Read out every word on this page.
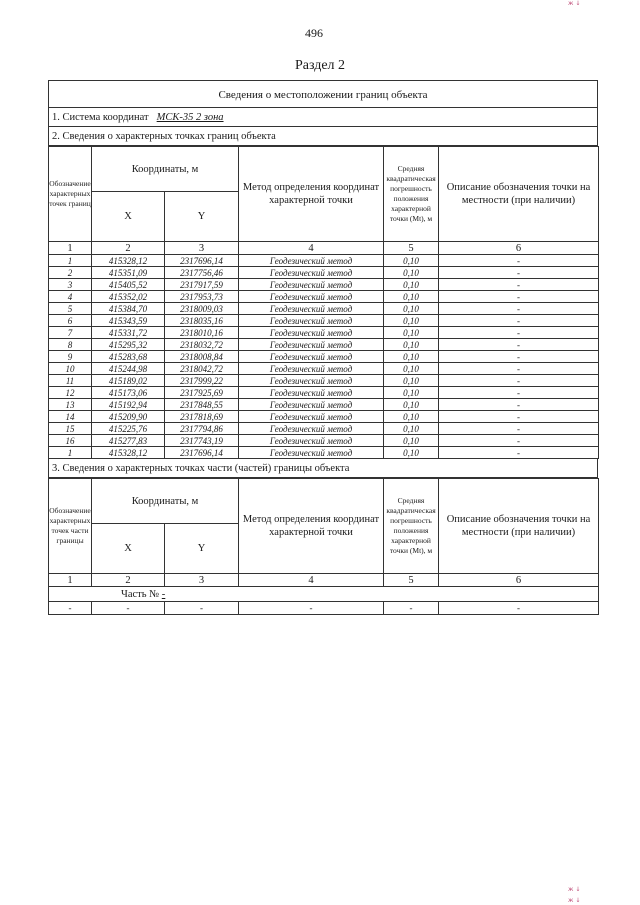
496
Раздел 2
ж ↓
ж ↓
ж ↓
Сведения о местоположении границ объекта
1. Система координат МСК-35 2 зона
2. Сведения о характерных точках границ объекта
Обозначение характерных точек границ	Координаты, м		Метод определения координат характерной точки	Средняя квадратическая погрешность положения характерной точки (Mt), м	Описание обозначения точки на местности (при наличии)
	X	Y			
1	2	3	4	5	6
1	415328,12	2317696,14	Геодезический метод	0,10	-
2	415351,09	2317756,46	Геодезический метод	0,10	-
3	415405,52	2317917,59	Геодезический метод	0,10	-
4	415352,02	2317953,73	Геодезический метод	0,10	-
5	415384,70	2318009,03	Геодезический метод	0,10	-
6	415343,59	2318035,16	Геодезический метод	0,10	-
7	415331,72	2318010,16	Геодезический метод	0,10	-
8	415295,32	2318032,72	Геодезический метод	0,10	-
9	415283,68	2318008,84	Геодезический метод	0,10	-
10	415244,98	2318042,72	Геодезический метод	0,10	-
11	415189,02	2317999,22	Геодезический метод	0,10	-
12	415173,06	2317925,69	Геодезический метод	0,10	-
13	415192,94	2317848,55	Геодезический метод	0,10	-
14	415209,90	2317818,69	Геодезический метод	0,10	-
15	415225,76	2317794,86	Геодезический метод	0,10	-
16	415277,83	2317743,19	Геодезический метод	0,10	-
1	415328,12	2317696,14	Геодезический метод	0,10	-
3. Сведения о характерных точках части (частей) границы объекта
Обозначение характерных точек части границы	Координаты, м		Метод определения координат характерной точки	Средняя квадратическая погрешность положения характерной точки (Mt), м	Описание обозначения точки на местности (при наличии)
	X	Y			
1	2	3	4	5	6
Часть № -					
-	-	-	-	-	-
